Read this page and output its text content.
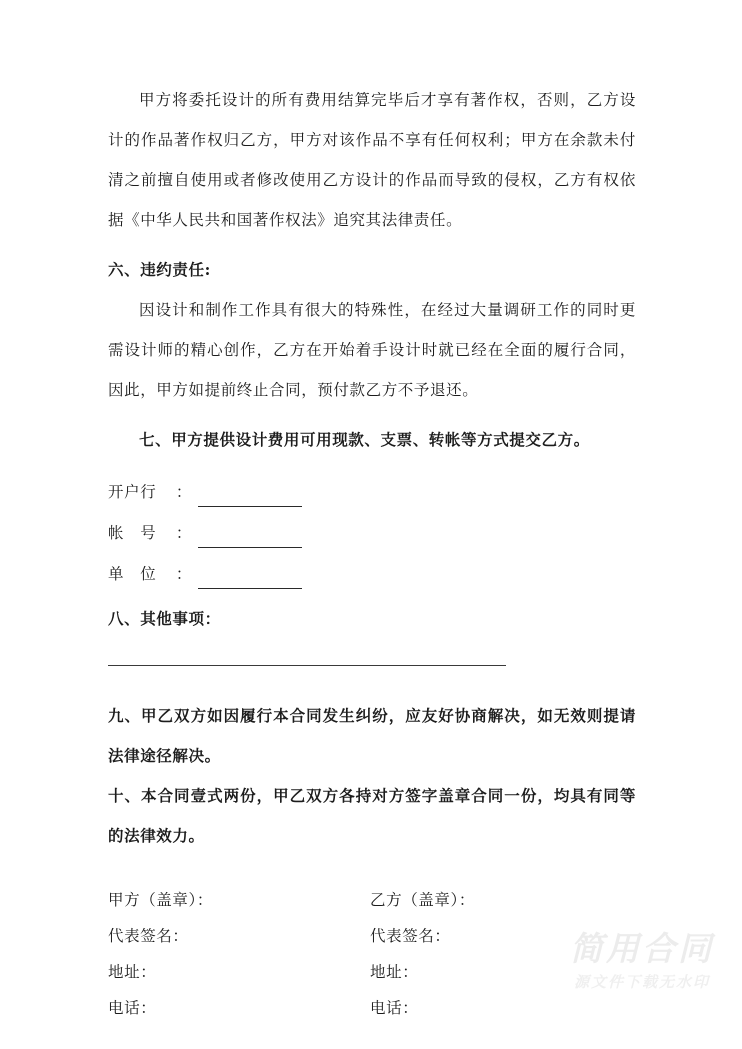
甲方将委托设计的所有费用结算完毕后才享有著作权，否则，乙方设计的作品著作权归乙方，甲方对该作品不享有任何权利；甲方在余款未付清之前擅自使用或者修改使用乙方设计的作品而导致的侵权，乙方有权依据《中华人民共和国著作权法》追究其法律责任。

六、违约责任:

因设计和制作工作具有很大的特殊性，在经过大量调研工作的同时更需设计师的精心创作，乙方在开始着手设计时就已经在全面的履行合同，因此，甲方如提前终止合同，预付款乙方不予退还。

七、甲方提供设计费用可用现款、支票、转帐等方式提交乙方。

开户行 ：
帐　号 ：
单　位 ：

八、其他事项：

九、甲乙双方如因履行本合同发生纠纷，应友好协商解决，如无效则提请法律途径解决。

十、本合同壹式两份，甲乙双方各持对方签字盖章合同一份，均具有同等的法律效力。

甲方（盖章）：
代表签名：
地址：
电话：
乙方（盖章）：
代表签名：
地址：
电话：
简用合同
源文件下载无水印
